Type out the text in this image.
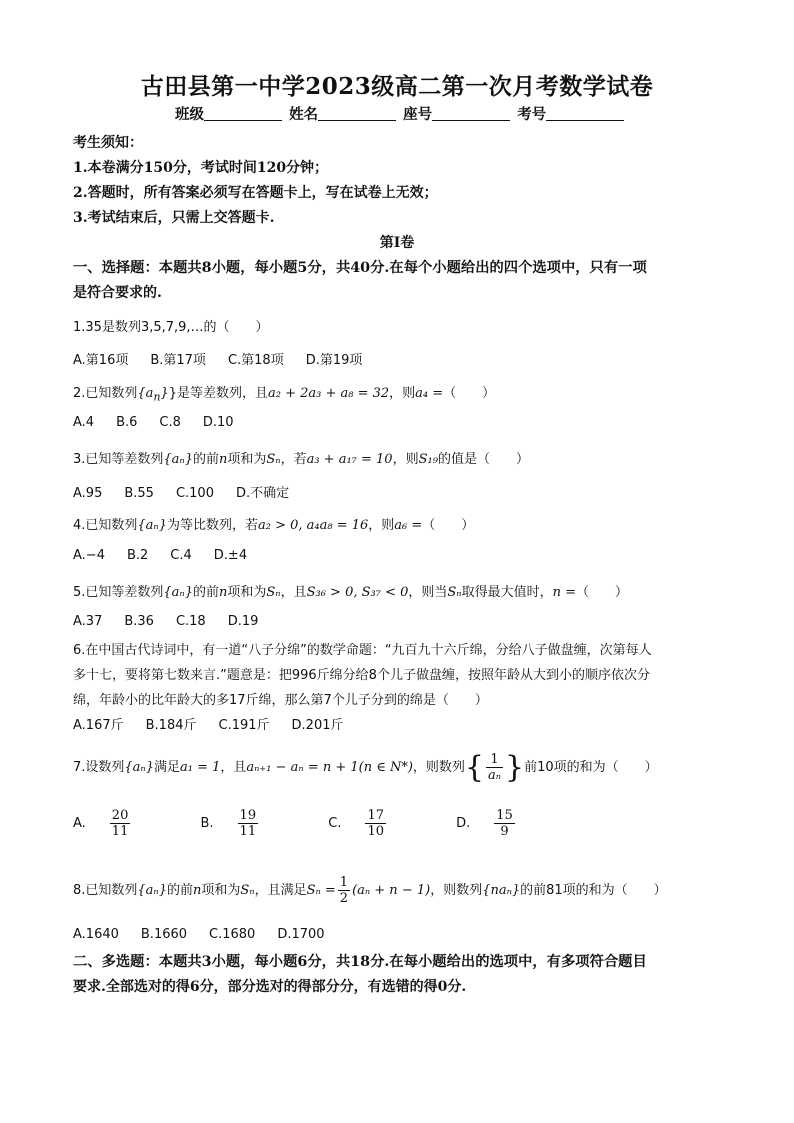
古田县第一中学2023级高二第一次月考数学试卷
班级	姓名	座号	考号
考生须知：
1.本卷满分150分，考试时间120分钟；
2.答题时，所有答案必须写在答题卡上，写在试卷上无效；
3.考试结束后，只需上交答题卡.
第I卷
一、选择题：本题共8小题，每小题5分，共40分.在每个小题给出的四个选项中，只有一项
是符合要求的.
1.35是数列3,5,7,9,…的（　　）
A.第16项 B.第17项 C.第18项 D.第19项
2.已知数列$\{a_n\}$}是等差数列，且a₂ + 2a₃ + a₈ = 32，则a₄ =（　　）
A.4 B.6 C.8 D.10
3.已知等差数列{aₙ}的前n项和为Sₙ，若a₃ + a₁₇ = 10，则S₁₉的值是（　　）
A.95 B.55 C.100 D.不确定
4.已知数列{aₙ}为等比数列，若a₂ > 0, a₄a₈ = 16，则a₆ =（　　）
A.−4 B.2 C.4 D.±4
5.已知等差数列{aₙ}的前n项和为Sₙ，且S₃₆ > 0, S₃₇ < 0，则当Sₙ取得最大值时，n =（　　）
A.37 B.36 C.18 D.19
6.在中国古代诗词中，有一道“八子分绵”的数学命题：“九百九十六斤绵，分给八子做盘缠，次第每人
多十七，要将第七数来言.”题意是：把996斤绵分给8个儿子做盘缠，按照年龄从大到小的顺序依次分
绵，年龄小的比年龄大的多17斤绵，那么第7个儿子分到的绵是（　　）
A.167斤 B.184斤 C.191斤 D.201斤
7.设数列{aₙ}满足a₁ = 1，且aₙ₊₁ − aₙ = n + 1(n ∈ N*)，则数列{ $\frac{1}{\text{aₙ}}$ }前10项的和为（　　）
A. $\frac{20}{11}$	B. $\frac{19}{11}$	C. $\frac{17}{10}$	D. $\frac{15}{9}$
8.已知数列{aₙ}的前n项和为Sₙ，且满足$S_n = \frac{1}{2} (a_n + n - 1)$，则数列{naₙ}的前81项的和为（　　）
A.1640 B.1660 C.1680 D.1700
二、多选题：本题共3小题，每小题6分，共18分.在每小题给出的选项中，有多项符合题目
要求.全部选对的得6分，部分选对的得部分分，有选错的得0分.
